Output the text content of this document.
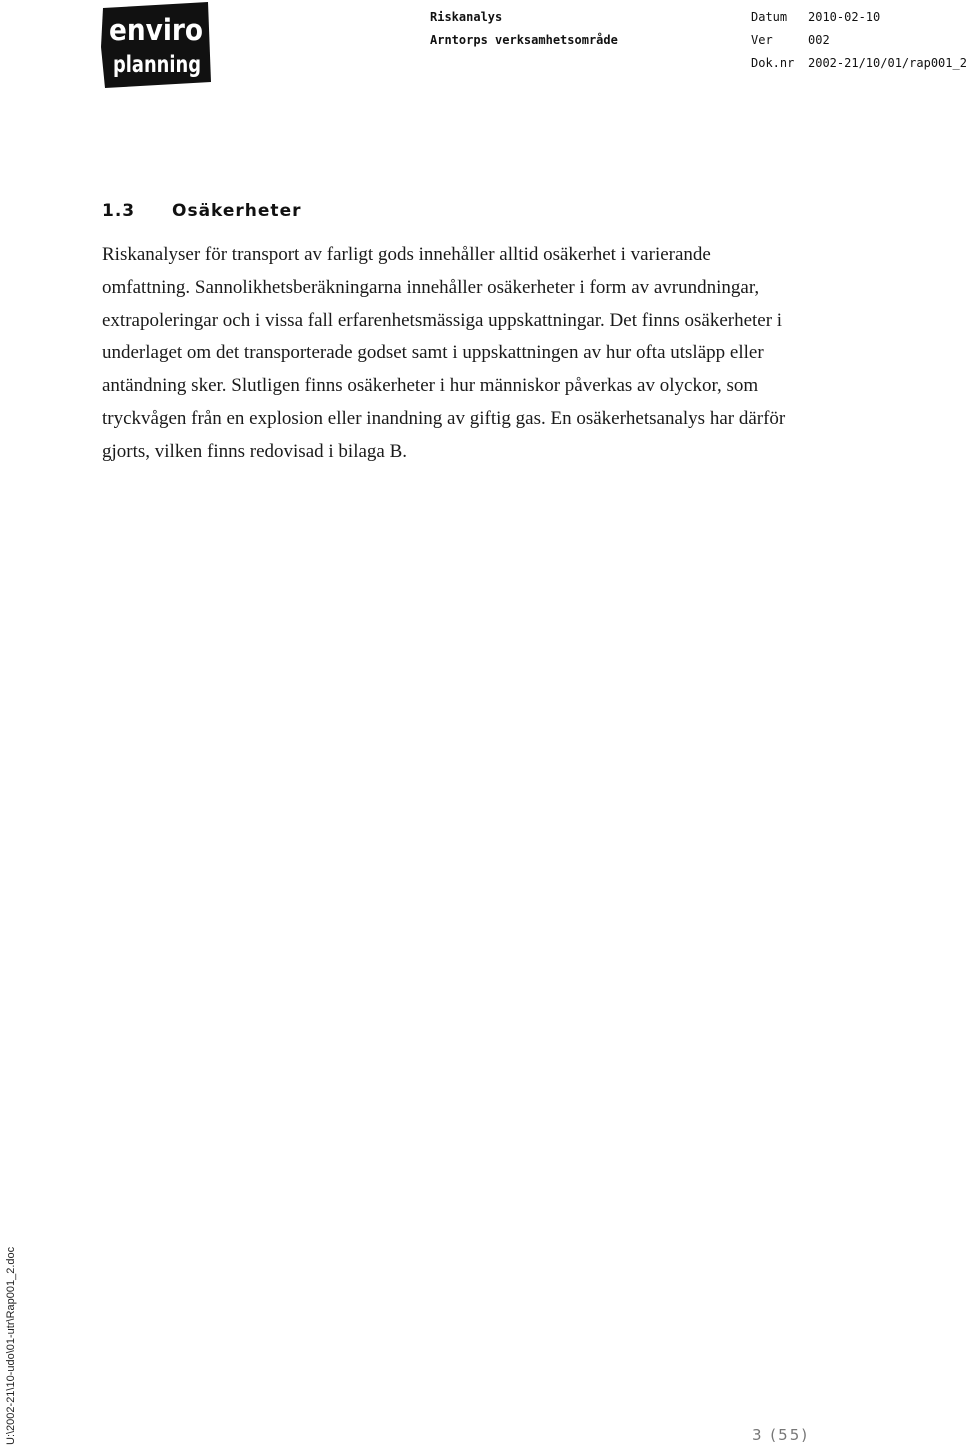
enviro
planning
Riskanalys
Arntorps verksamhetsområde
Datum 2010-02-10
Ver	002
Dok.nr 2002-21/10/01/rap001_2
1.3 Osäkerheter

Riskanalyser för transport av farligt gods innehåller alltid osäkerhet i varierande omfattning. Sannolikhetsberäkningarna innehåller osäkerheter i form av avrundningar, extrapoleringar och i vissa fall erfarenhetsmässiga uppskattningar. Det finns osäkerheter i underlaget om det transporterade godset samt i uppskattningen av hur ofta utsläpp eller antändning sker. Slutligen finns osäkerheter i hur människor påverkas av olyckor, som tryckvågen från en explosion eller inandning av giftig gas. En osäkerhetsanalys har därför gjorts, vilken finns redovisad i bilaga B.

U:\2002-21\10-udo\01-utr\Rap001_2.doc	3 (55)
